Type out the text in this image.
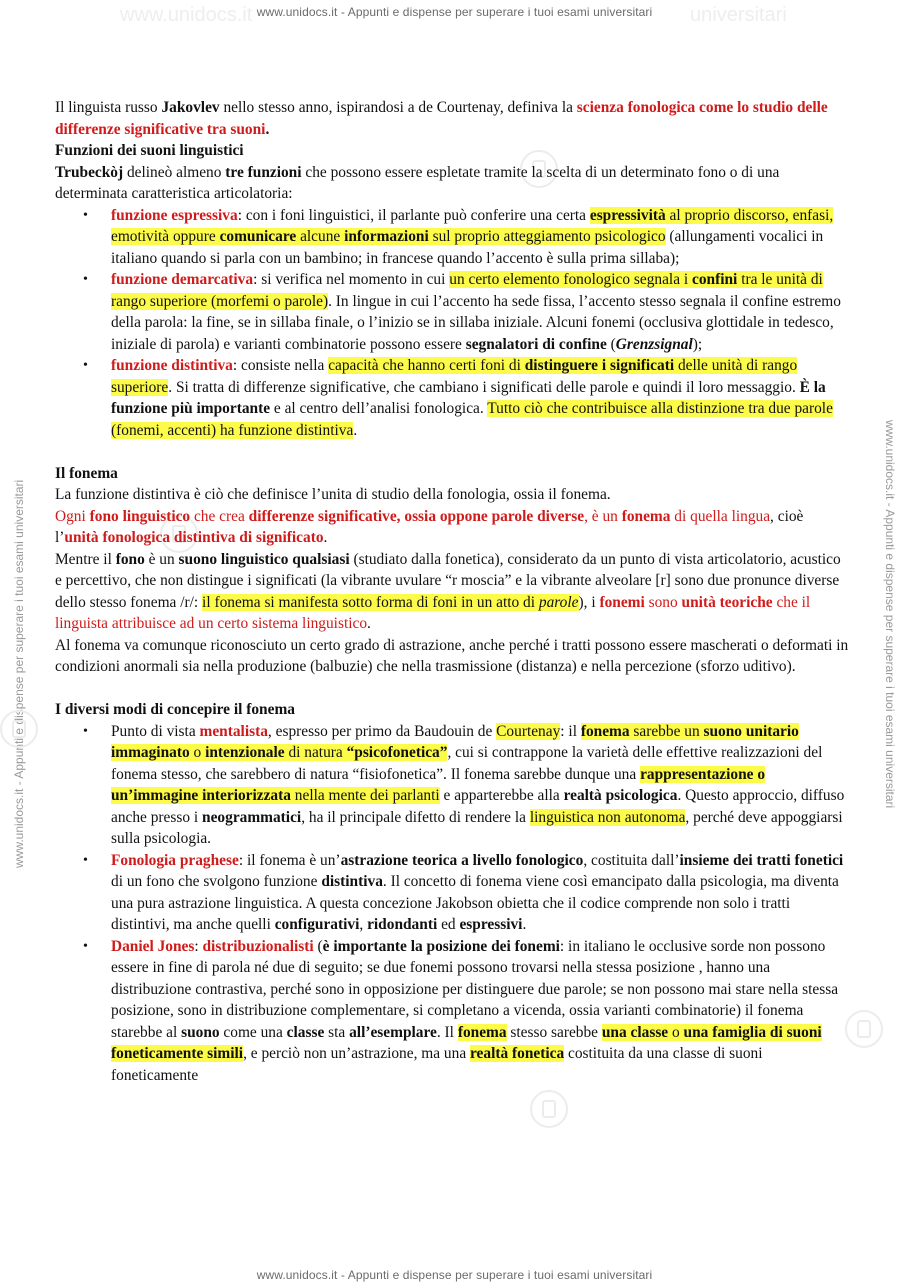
www.unidocs.it - Appunti e dispense per superare i tuoi esami universitari
www.unidocs.it	universitari
www.unidocs.it - Appunti e dispense per superare i tuoi esami universitari	www.unidocs.it - Appunti e dispense per superare i tuoi esami universitari

Il linguista russo Jakovlev nello stesso anno, ispirandosi a de Courtenay, definiva la scienza fonologica come lo studio delle differenze significative tra suoni.

Funzioni dei suoni linguistici

Trubeckòj delineò almeno tre funzioni che possono essere espletate tramite la scelta di un determinato fono o di una determinata caratteristica articolatoria:

• funzione espressiva: con i foni linguistici, il parlante può conferire una certa espressività al proprio discorso, enfasi, emotività oppure comunicare alcune informazioni sul proprio atteggiamento psicologico (allungamenti vocalici in italiano quando si parla con un bambino; in francese quando l’accento è sulla prima sillaba);
• funzione demarcativa: si verifica nel momento in cui un certo elemento fonologico segnala i confini tra le unità di rango superiore (morfemi o parole). In lingue in cui l’accento ha sede fissa, l’accento stesso segnala il confine estremo della parola: la fine, se in sillaba finale, o l’inizio se in sillaba iniziale. Alcuni fonemi (occlusiva glottidale in tedesco, iniziale di parola) e varianti combinatorie possono essere segnalatori di confine (Grenzsignal);
• funzione distintiva: consiste nella capacità che hanno certi foni di distinguere i significati delle unità di rango superiore. Si tratta di differenze significative, che cambiano i significati delle parole e quindi il loro messaggio. È la funzione più importante e al centro dell’analisi fonologica. Tutto ciò che contribuisce alla distinzione tra due parole (fonemi, accenti) ha funzione distintiva.
Il fonema

La funzione distintiva è ciò che definisce l’unita di studio della fonologia, ossia il fonema.

Ogni fono linguistico che crea differenze significative, ossia oppone parole diverse, è un fonema di quella lingua, cioè l’unità fonologica distintiva di significato.

Mentre il fono è un suono linguistico qualsiasi (studiato dalla fonetica), considerato da un punto di vista articolatorio, acustico e percettivo, che non distingue i significati (la vibrante uvulare “r moscia” e la vibrante alveolare [r] sono due pronunce diverse dello stesso fonema /r/: il fonema si manifesta sotto forma di foni in un atto di parole), i fonemi sono unità teoriche che il linguista attribuisce ad un certo sistema linguistico.

Al fonema va comunque riconosciuto un certo grado di astrazione, anche perché i tratti possono essere mascherati o deformati in condizioni anormali sia nella produzione (balbuzie) che nella trasmissione (distanza) e nella percezione (sforzo uditivo).

I diversi modi di concepire il fonema
• Punto di vista mentalista, espresso per primo da Baudouin de Courtenay: il fonema sarebbe un suono unitario immaginato o intenzionale di natura “psicofonetica”, cui si contrappone la varietà delle effettive realizzazioni del fonema stesso, che sarebbero di natura “fisiofonetica”. Il fonema sarebbe dunque una rappresentazione o un’immagine interiorizzata nella mente dei parlanti e apparterebbe alla realtà psicologica. Questo approccio, diffuso anche presso i neogrammatici, ha il principale difetto di rendere la linguistica non autonoma, perché deve appoggiarsi sulla psicologia.
• Fonologia praghese: il fonema è un’astrazione teorica a livello fonologico, costituita dall’insieme dei tratti fonetici di un fono che svolgono funzione distintiva. Il concetto di fonema viene così emancipato dalla psicologia, ma diventa una pura astrazione linguistica. A questa concezione Jakobson obietta che il codice comprende non solo i tratti distintivi, ma anche quelli configurativi, ridondanti ed espressivi.
• Daniel Jones: distribuzionalisti (è importante la posizione dei fonemi: in italiano le occlusive sorde non possono essere in fine di parola né due di seguito; se due fonemi possono trovarsi nella stessa posizione , hanno una distribuzione contrastiva, perché sono in opposizione per distinguere due parole; se non possono mai stare nella stessa posizione, sono in distribuzione complementare, si completano a vicenda, ossia varianti combinatorie) il fonema starebbe al suono come una classe sta all’esemplare. Il fonema stesso sarebbe una classe o una famiglia di suoni foneticamente simili, e perciò non un’astrazione, ma una realtà fonetica costituita da una classe di suoni foneticamente
www.unidocs.it - Appunti e dispense per superare i tuoi esami universitari
